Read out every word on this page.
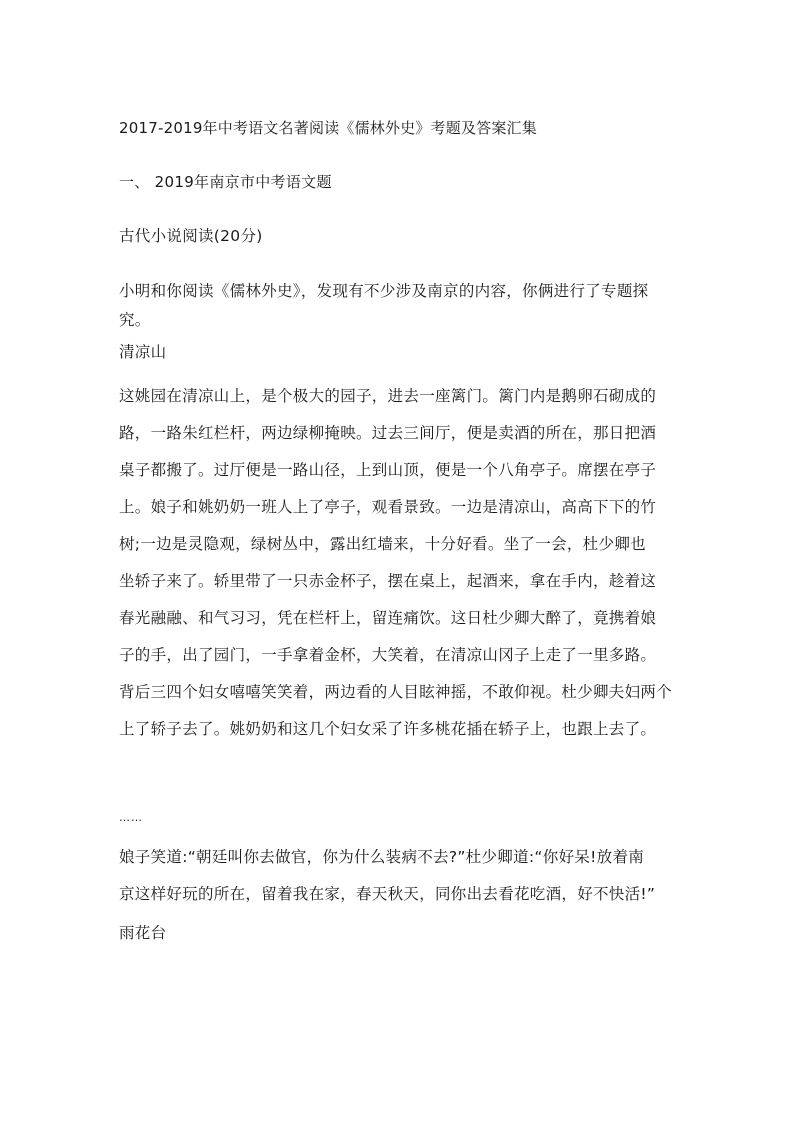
2017-2019年中考语文名著阅读《儒林外史》考题及答案汇集
一、 2019年南京市中考语文题
古代小说阅读(20分)
小明和你阅读《儒林外史》，发现有不少涉及南京的内容，你俩进行了专题探
究。
清凉山
这姚园在清凉山上，是个极大的园子，进去一座篱门。篱门内是鹅卵石砌成的
路，一路朱红栏杆，两边绿柳掩映。过去三间厅，便是卖酒的所在，那日把酒
桌子都搬了。过厅便是一路山径，上到山顶，便是一个八角亭子。席摆在亭子
上。娘子和姚奶奶一班人上了亭子，观看景致。一边是清凉山，高高下下的竹
树;一边是灵隐观，绿树丛中，露出红墙来，十分好看。坐了一会，杜少卿也
坐轿子来了。轿里带了一只赤金杯子，摆在桌上，起酒来，拿在手内，趁着这
春光融融、和气习习，凭在栏杆上，留连痛饮。这日杜少卿大醉了，竟携着娘
子的手，出了园门，一手拿着金杯，大笑着，在清凉山冈子上走了一里多路。
背后三四个妇女嘻嘻笑笑着，两边看的人目眩神摇，不敢仰视。杜少卿夫妇两个
上了轿子去了。姚奶奶和这几个妇女采了许多桃花插在轿子上，也跟上去了。
……
娘子笑道:“朝廷叫你去做官，你为什么装病不去?”杜少卿道:“你好呆!放着南
京这样好玩的所在，留着我在家，春天秋天，同你出去看花吃酒，好不快活!”
雨花台
